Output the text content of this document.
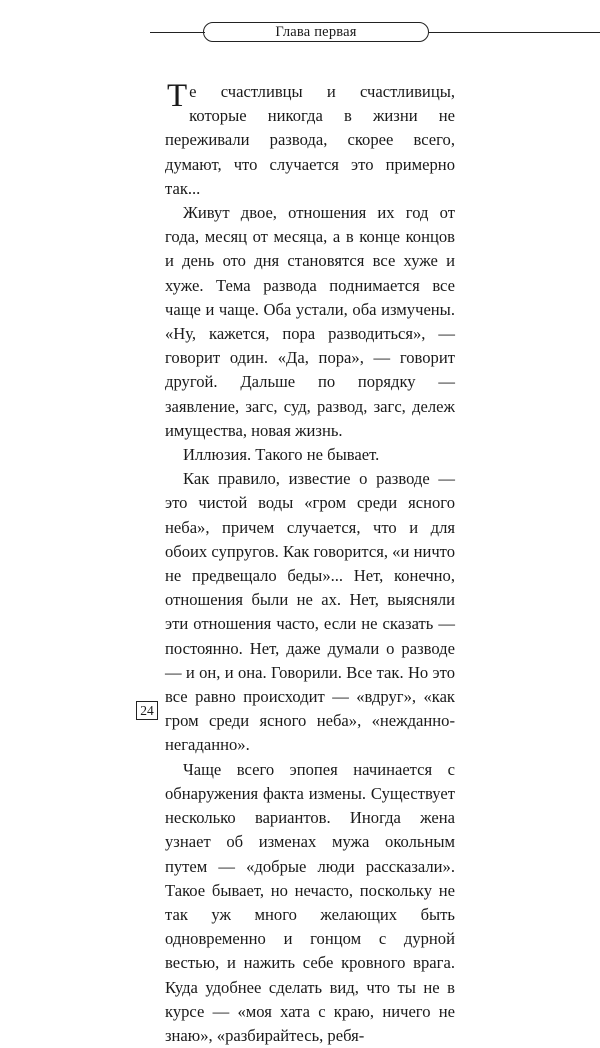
Глава первая

Те счастливцы и счастливицы, которые никогда в жизни не переживали развода, скорее всего, думают, что случается это примерно так...

Живут двое, отношения их год от года, месяц от месяца, а в конце концов и день ото дня становятся все хуже и хуже. Тема развода поднимается все чаще и чаще. Оба устали, оба измучены. «Ну, кажется, пора разводиться», — говорит один. «Да, пора», — говорит другой. Дальше по порядку — заявление, загс, суд, развод, загс, дележ имущества, новая жизнь.

Иллюзия. Такого не бывает.

Как правило, известие о разводе — это чистой воды «гром среди ясного неба», причем случается, что и для обоих супругов. Как говорится, «и ничто не предвещало беды»... Нет, конечно, отношения были не ах. Нет, выясняли эти отношения часто, если не сказать — постоянно. Нет, даже думали о разводе — и он, и она. Говорили. Все так. Но это все равно происходит — «вдруг», «как гром среди ясного неба», «нежданно-негаданно».

Чаще всего эпопея начинается с обнаружения факта измены. Существует несколько вариантов. Иногда жена узнает об изменах мужа окольным путем — «добрые люди рассказали». Такое бывает, но нечасто, поскольку не так уж много желающих быть одновременно и гонцом с дурной вестью, и нажить себе кровного врага. Куда удобнее сделать вид, что ты не в курсе — «моя хата с краю, ничего не знаю», «разбирайтесь, ребя-

24
